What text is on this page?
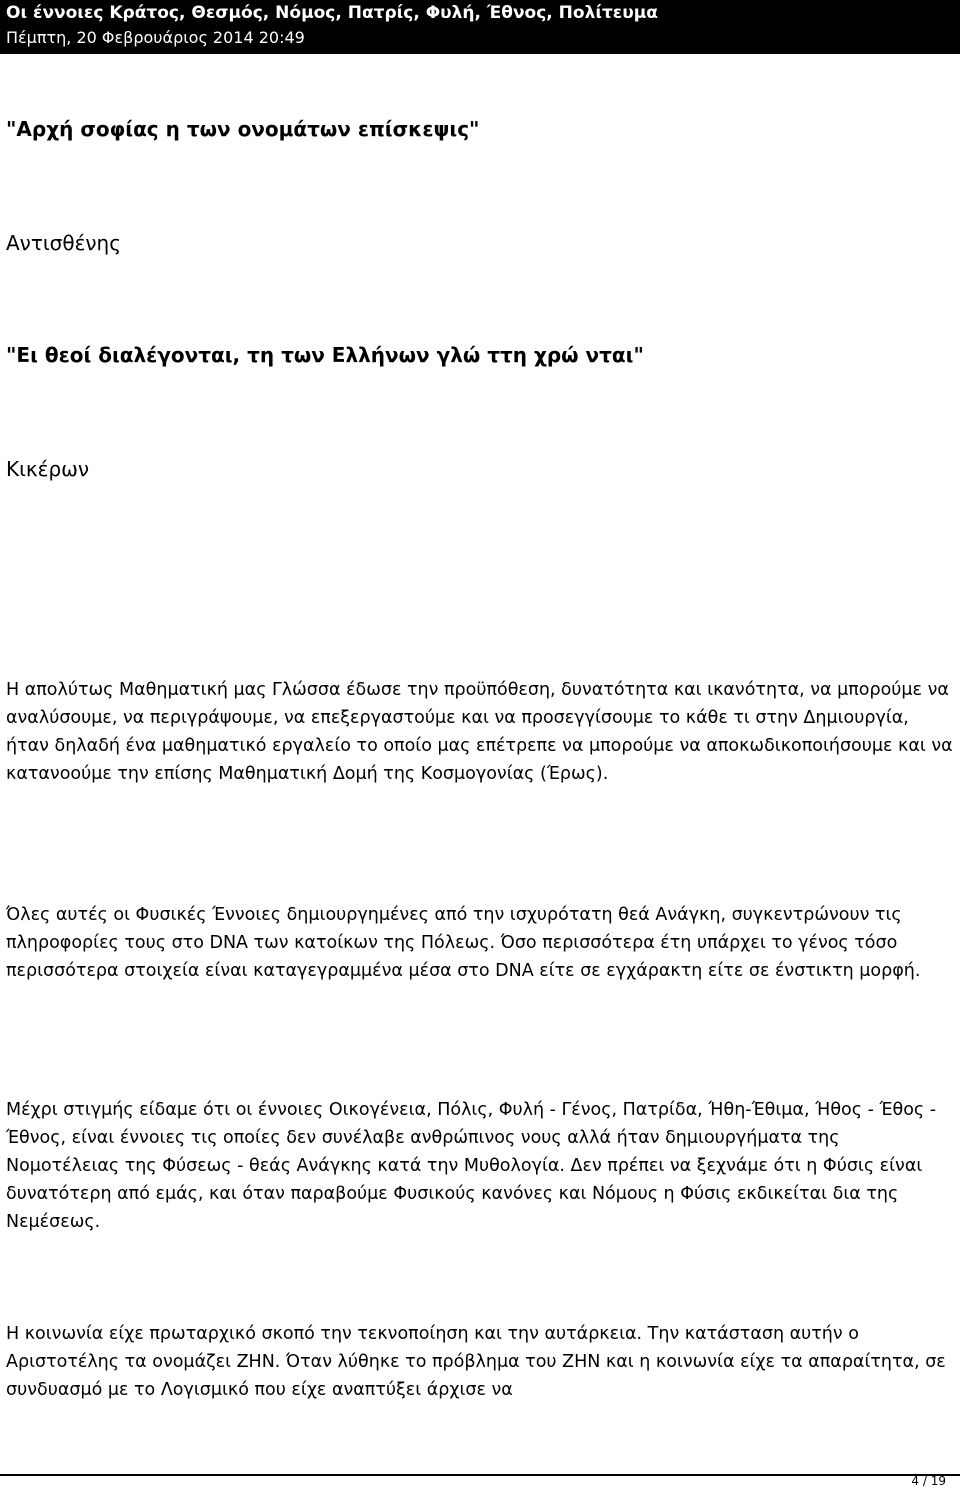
Οι έννοιες Κράτος, Θεσμός, Νόμος, Πατρίς, Φυλή, Έθνος, Πολίτευμα
Πέμπτη, 20 Φεβρουάριος 2014 20:49
"Αρχή σοφίας η των ονομάτων επίσκεψις"
Αντισθένης
"Ει θεοί διαλέγονται, τη των Ελλήνων γλώ ττη χρώ νται"
Κικέρων

Η απολύτως Μαθηματική μας Γλώσσα έδωσε την προϋπόθεση, δυνατότητα και ικανότητα, να μπορούμε να αναλύσουμε, να περιγράψουμε, να επεξεργαστούμε και να προσεγγίσουμε το κάθε τι στην Δημιουργία, ήταν δηλαδή ένα μαθηματικό εργαλείο το οποίο μας επέτρεπε να μπορούμε να αποκωδικοποιήσουμε και να κατανοούμε την επίσης Μαθηματική Δομή της Κοσμογονίας (Έρως).

Όλες αυτές οι Φυσικές Έννοιες δημιουργημένες από την ισχυρότατη θεά Ανάγκη, συγκεντρώνουν τις πληροφορίες τους στο DNA των κατοίκων της Πόλεως. Όσο περισσότερα έτη υπάρχει το γένος τόσο περισσότερα στοιχεία είναι καταγεγραμμένα μέσα στο DNA είτε σε εγχάρακτη είτε σε ένστικτη μορφή.

Μέχρι στιγμής είδαμε ότι οι έννοιες Οικογένεια, Πόλις, Φυλή - Γένος, Πατρίδα, Ήθη-Έθιμα, Ήθος - Έθος - Έθνος, είναι έννοιες τις οποίες δεν συνέλαβε ανθρώπινος νους αλλά ήταν δημιουργήματα της Νομοτέλειας της Φύσεως - θεάς Ανάγκης κατά την Μυθολογία. Δεν πρέπει να ξεχνάμε ότι η Φύσις είναι δυνατότερη από εμάς, και όταν παραβούμε Φυσικούς κανόνες και Νόμους η Φύσις εκδικείται δια της Νεμέσεως.

Η κοινωνία είχε πρωταρχικό σκοπό την τεκνοποίηση και την αυτάρκεια. Την κατάσταση αυτήν ο Αριστοτέλης τα ονομάζει ΖΗΝ. Όταν λύθηκε το πρόβλημα του ΖΗΝ και η κοινωνία είχε τα απαραίτητα, σε συνδυασμό με το Λογισμικό που είχε αναπτύξει άρχισε να

4 / 19
